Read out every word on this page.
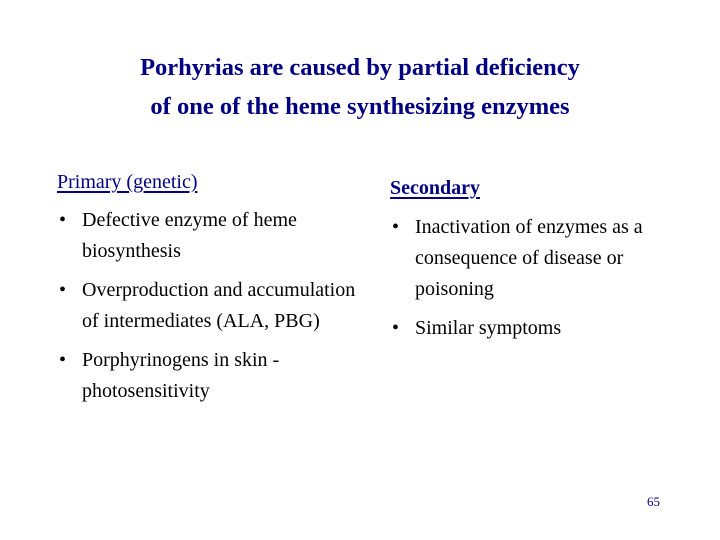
Porhyrias are caused by partial deficiency
of one of the heme synthesizing enzymes
Primary (genetic)
• Defective enzyme of heme biosynthesis
• Overproduction and accumulation of intermediates (ALA, PBG)
• Porphyrinogens in skin - photosensitivity
Secondary
• Inactivation of enzymes as a consequence of disease or poisoning
• Similar symptoms
65
